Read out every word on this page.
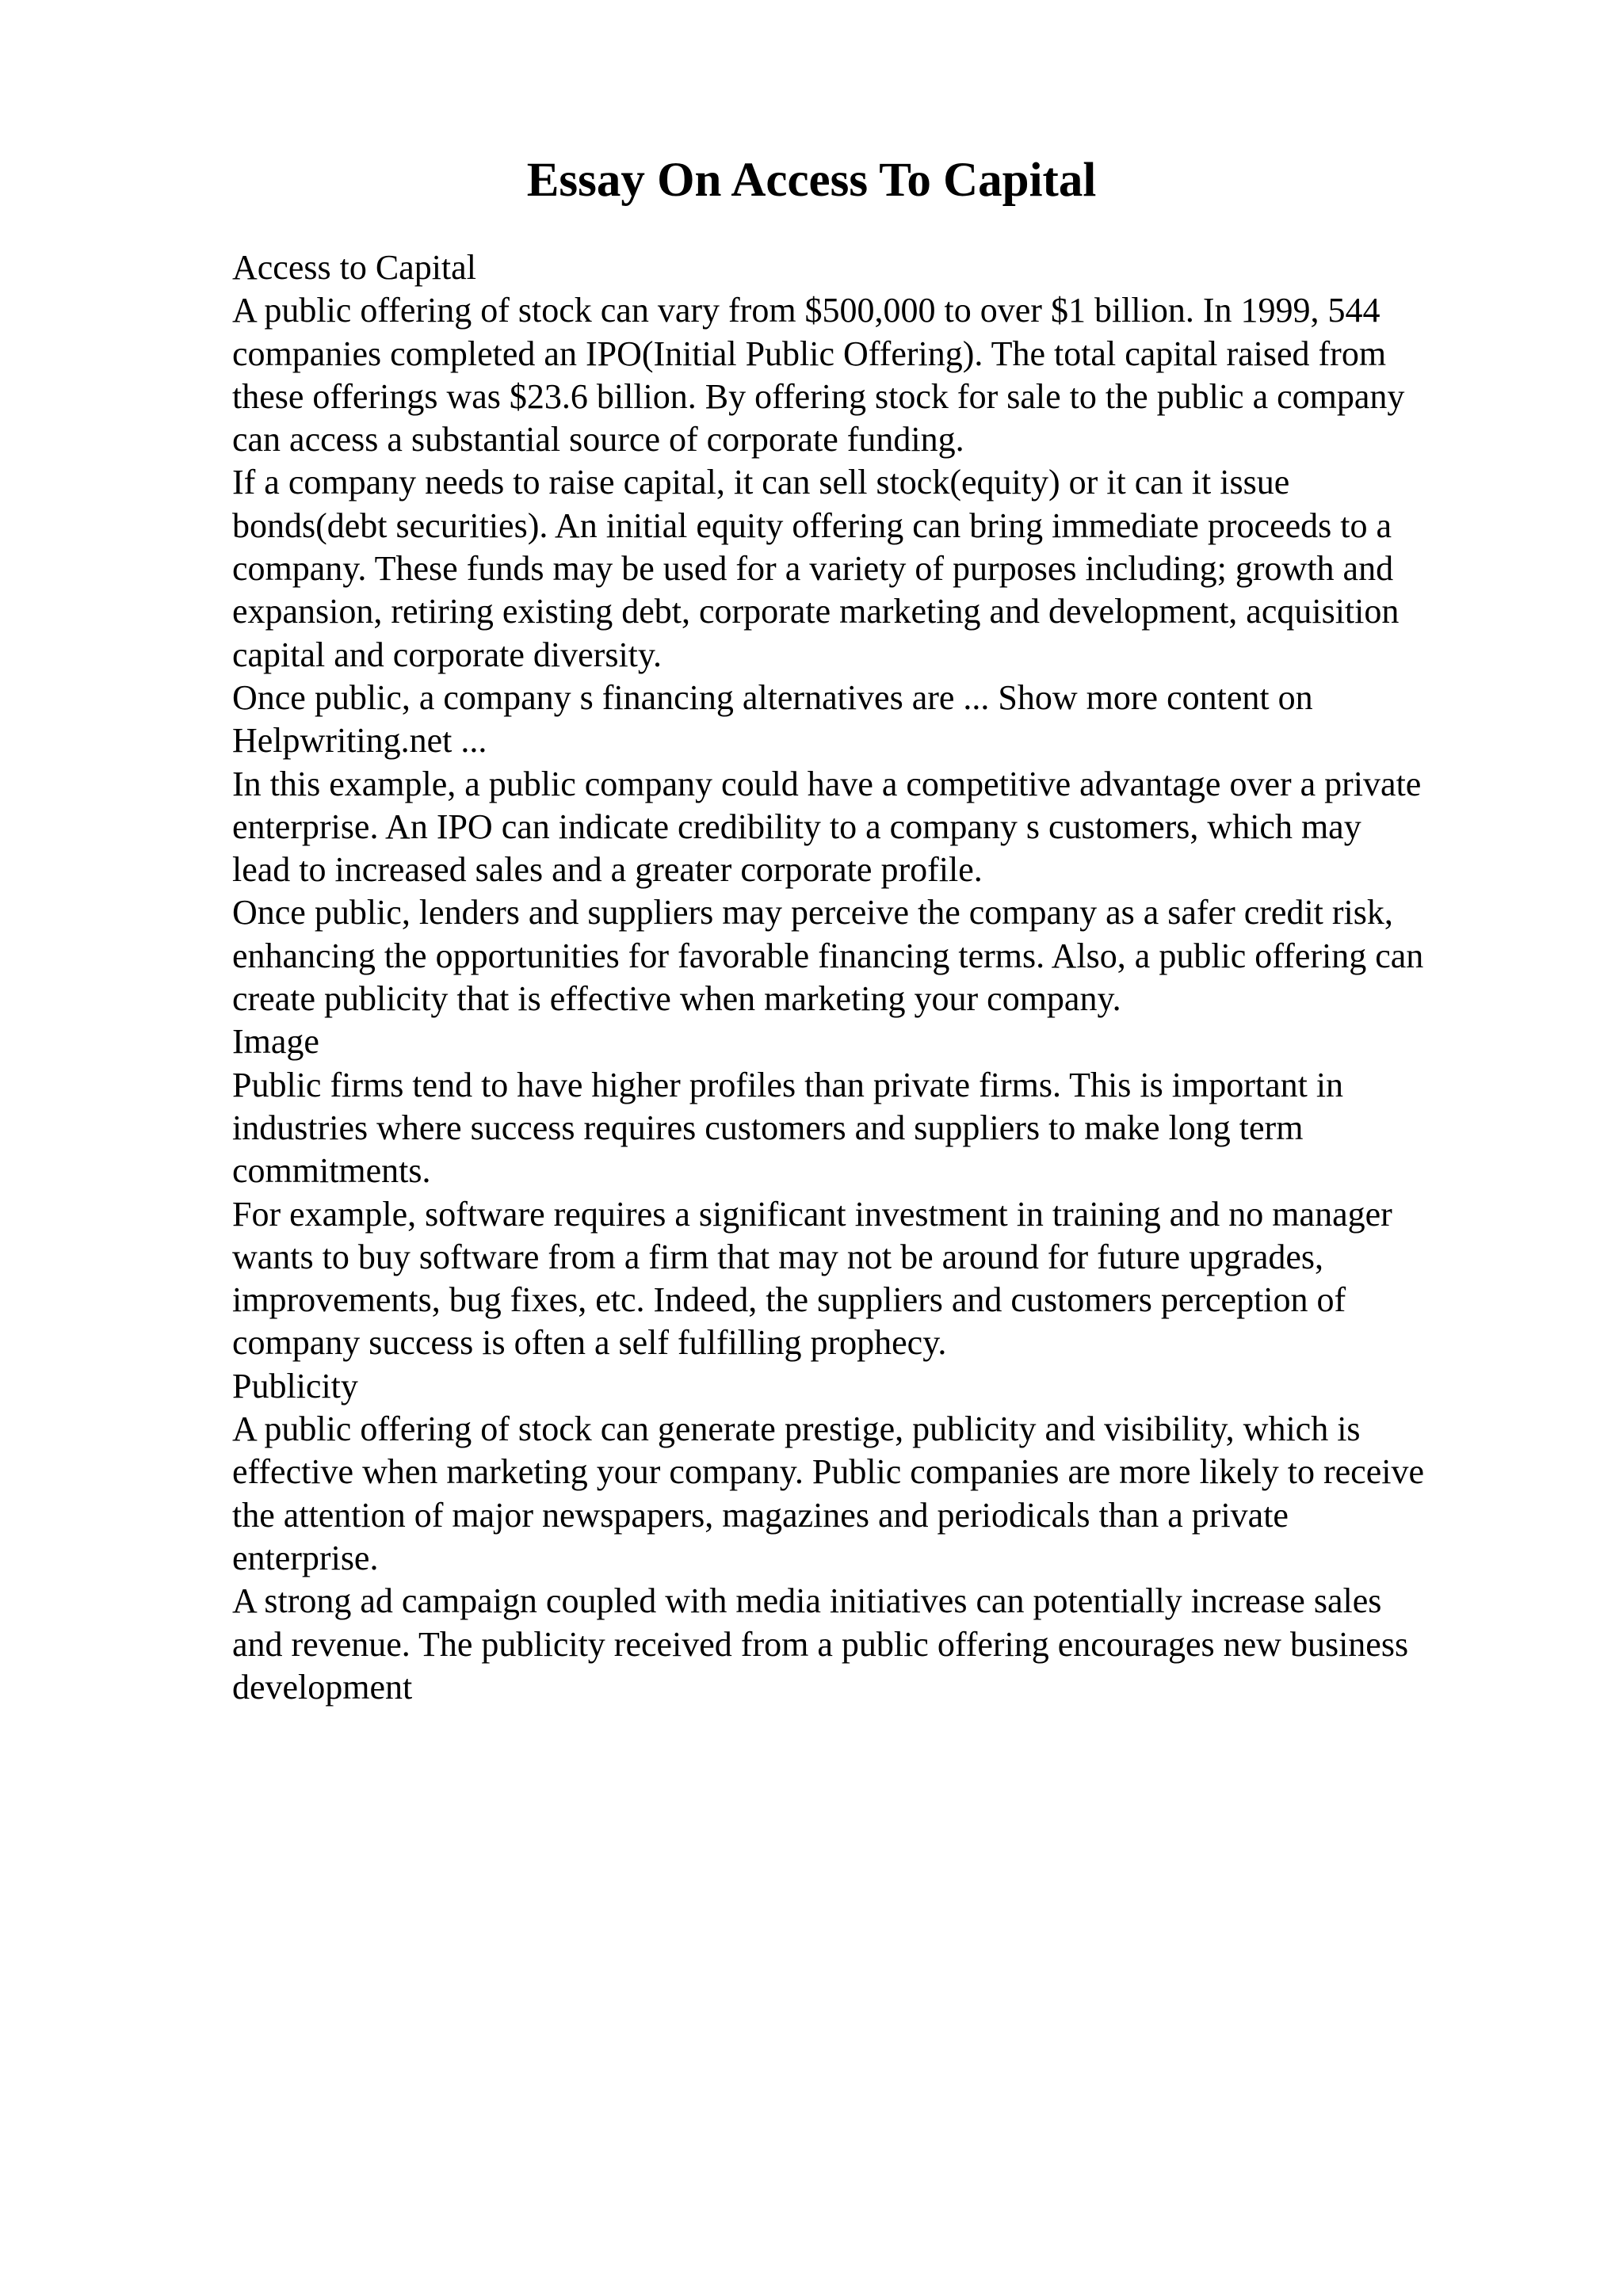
Essay On Access To Capital
Access to Capital
A public offering of stock can vary from $500,000 to over $1 billion. In 1999, 544
companies completed an IPO(Initial Public Offering). The total capital raised from
these offerings was $23.6 billion. By offering stock for sale to the public a company
can access a substantial source of corporate funding.
If a company needs to raise capital, it can sell stock(equity) or it can it issue
bonds(debt securities). An initial equity offering can bring immediate proceeds to a
company. These funds may be used for a variety of purposes including; growth and
expansion, retiring existing debt, corporate marketing and development, acquisition
capital and corporate diversity.
Once public, a company s financing alternatives are ... Show more content on
Helpwriting.net ...
In this example, a public company could have a competitive advantage over a private
enterprise. An IPO can indicate credibility to a company s customers, which may
lead to increased sales and a greater corporate profile.
Once public, lenders and suppliers may perceive the company as a safer credit risk,
enhancing the opportunities for favorable financing terms. Also, a public offering can
create publicity that is effective when marketing your company.
Image
Public firms tend to have higher profiles than private firms. This is important in
industries where success requires customers and suppliers to make long term
commitments.
For example, software requires a significant investment in training and no manager
wants to buy software from a firm that may not be around for future upgrades,
improvements, bug fixes, etc. Indeed, the suppliers and customers perception of
company success is often a self fulfilling prophecy.
Publicity
A public offering of stock can generate prestige, publicity and visibility, which is
effective when marketing your company. Public companies are more likely to receive
the attention of major newspapers, magazines and periodicals than a private
enterprise.
A strong ad campaign coupled with media initiatives can potentially increase sales
and revenue. The publicity received from a public offering encourages new business
development
